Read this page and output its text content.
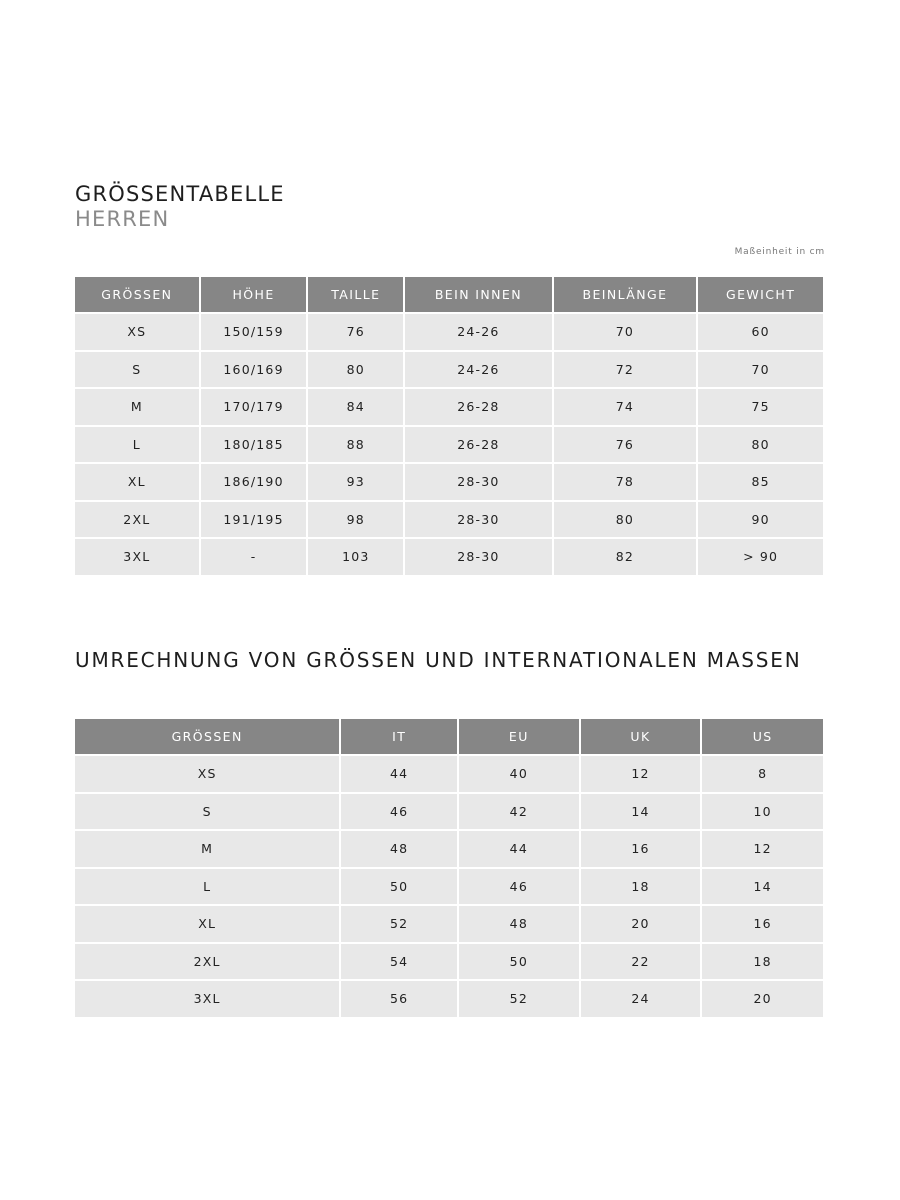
GRÖSSENTABELLE
HERREN
Maßeinheit in cm
GRÖSSEN	HÖHE	TAILLE	BEIN INNEN	BEINLÄNGE	GEWICHT
XS	150/159	76	24-26	70	60
S	160/169	80	24-26	72	70
M	170/179	84	26-28	74	75
L	180/185	88	26-28	76	80
XL	186/190	93	28-30	78	85
2XL	191/195	98	28-30	80	90
3XL	-	103	28-30	82	> 90
UMRECHNUNG VON GRÖSSEN UND INTERNATIONALEN MASSEN
GRÖSSEN	IT	EU	UK	US
XS	44	40	12	8
S	46	42	14	10
M	48	44	16	12
L	50	46	18	14
XL	52	48	20	16
2XL	54	50	22	18
3XL	56	52	24	20
